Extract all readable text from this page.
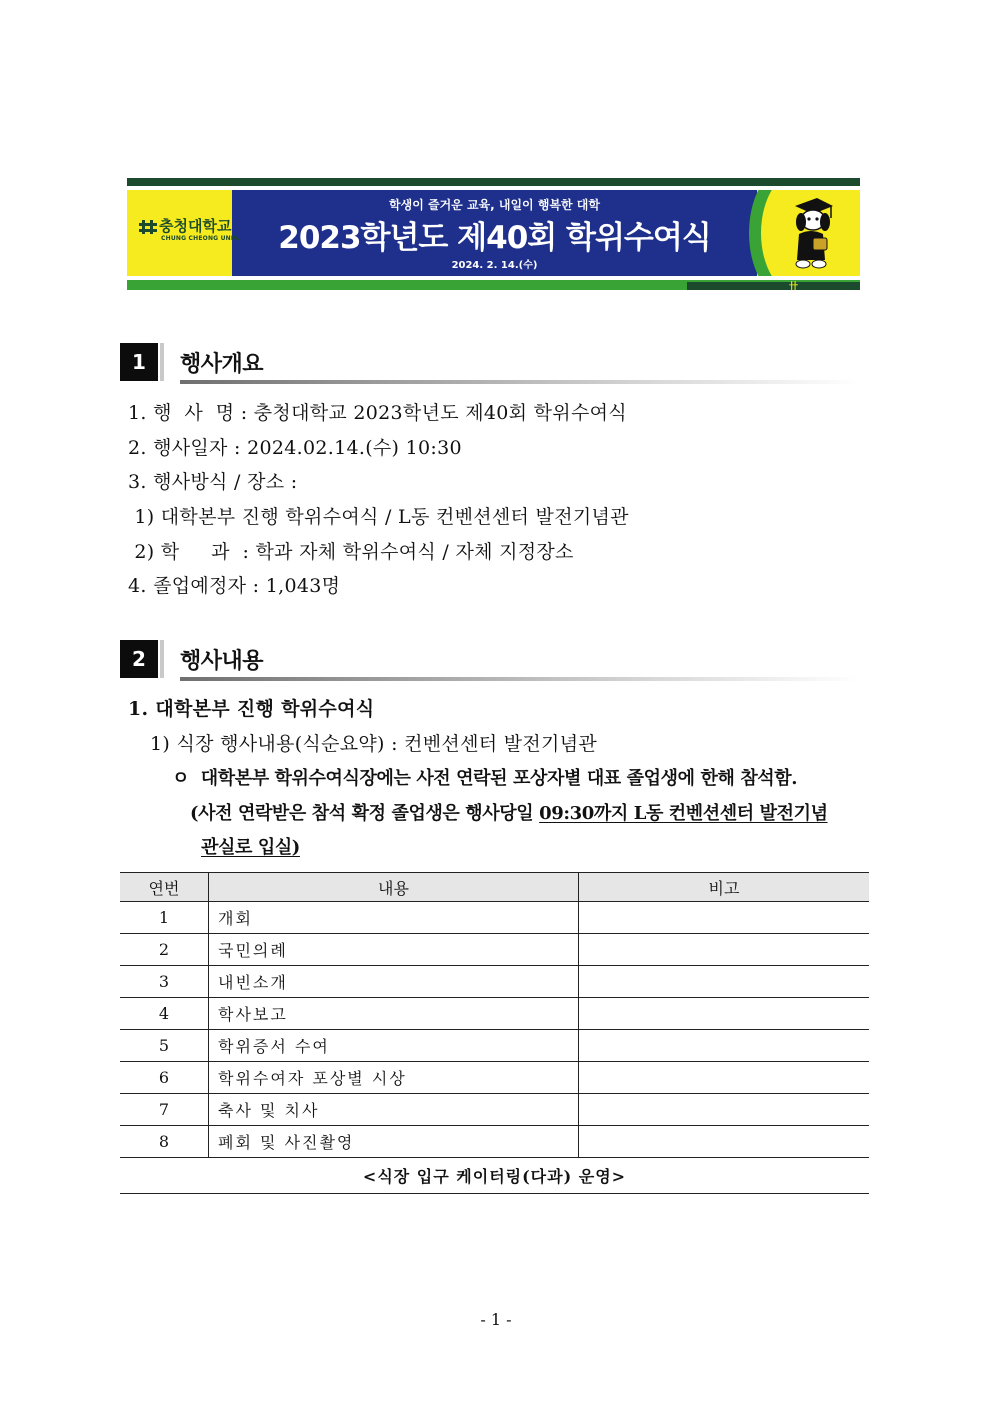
충청대학교
CHUNG CHEONG UNIV.
학생이 즐거운 교육, 내일이 행복한 대학
2023학년도 제40회 학위수여식
2024. 2. 14.(수)
卄
1	행사개요
1. 행  사  명 : 충청대학교 2023학년도 제40회 학위수여식
2. 행사일자 : 2024.02.14.(수) 10:30
3. 행사방식 / 장소 :
1) 대학본부 진행 학위수여식 / L동 컨벤션센터 발전기념관
2) 학     과  : 학과 자체 학위수여식 / 자체 지정장소
4. 졸업예정자 : 1,043명
2	행사내용
1. 대학본부 진행 학위수여식
1) 식장 행사내용(식순요약) : 컨벤션센터 발전기념관
ㅇ 대학본부 학위수여식장에는 사전 연락된 포상자별 대표 졸업생에 한해 참석함.
(사전 연락받은 참석 확정 졸업생은 행사당일 09:30까지 L동 컨벤션센터 발전기념
관실로 입실)
연번	내용	비고
1	개회	
2	국민의례	
3	내빈소개	
4	학사보고	
5	학위증서 수여	
6	학위수여자 포상별 시상	
7	축사 및 치사	
8	폐회 및 사진촬영	
<식장 입구 케이터링(다과) 운영>		
- 1 -
